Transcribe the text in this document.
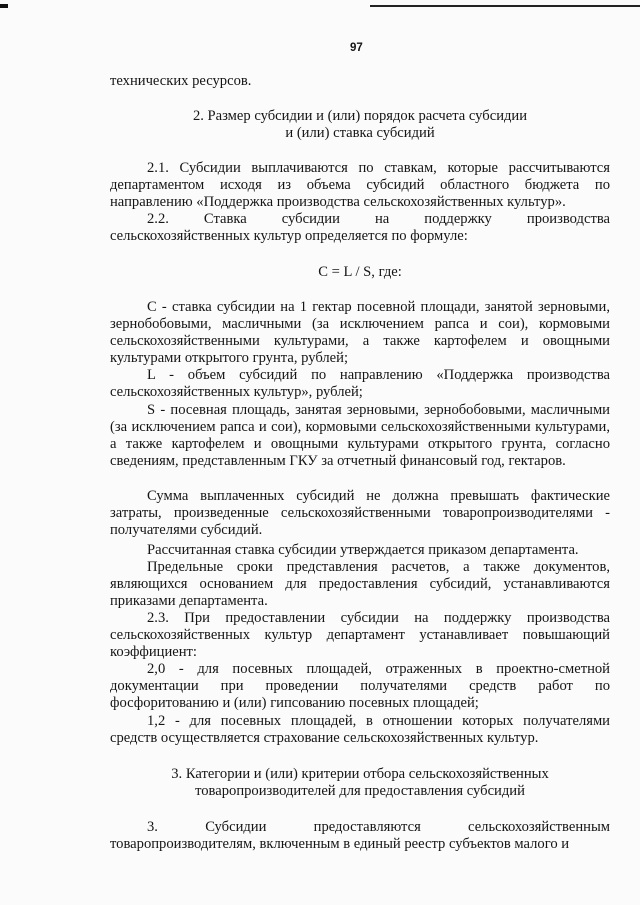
97
технических ресурсов.
2. Размер субсидии и (или) порядок расчета субсидии
и (или) ставка субсидий
2.1. Субсидии выплачиваются по ставкам, которые рассчитываются департаментом исходя из объема субсидий областного бюджета по направлению «Поддержка производства сельскохозяйственных культур».
2.2. Ставка субсидии на поддержку производства
сельскохозяйственных культур определяется по формуле:
С = L / S, где:
С - ставка субсидии на 1 гектар посевной площади, занятой зерновыми, зернобобовыми, масличными (за исключением рапса и сои), кормовыми сельскохозяйственными культурами, а также картофелем и овощными культурами открытого грунта, рублей;
L - объем субсидий по направлению «Поддержка производства сельскохозяйственных культур», рублей;
S - посевная площадь, занятая зерновыми, зернобобовыми, масличными (за исключением рапса и сои), кормовыми сельскохозяйственными культурами, а также картофелем и овощными культурами открытого грунта, согласно сведениям, представленным ГКУ за отчетный финансовый год, гектаров.
Сумма выплаченных субсидий не должна превышать фактические затраты, произведенные сельскохозяйственными товаропроизводителями - получателями субсидий.
Рассчитанная ставка субсидии утверждается приказом департамента.
Предельные сроки представления расчетов, а также документов, являющихся основанием для предоставления субсидий, устанавливаются приказами департамента.
2.3. При предоставлении субсидии на поддержку производства сельскохозяйственных культур департамент устанавливает повышающий коэффициент:
2,0 - для посевных площадей, отраженных в проектно-сметной документации при проведении получателями средств работ по фосфоритованию и (или) гипсованию посевных площадей;
1,2 - для посевных площадей, в отношении которых получателями средств осуществляется страхование сельскохозяйственных культур.
3. Категории и (или) критерии отбора сельскохозяйственных
товаропроизводителей для предоставления субсидий
3. Субсидии предоставляются сельскохозяйственным
товаропроизводителям, включенным в единый реестр субъектов малого и
